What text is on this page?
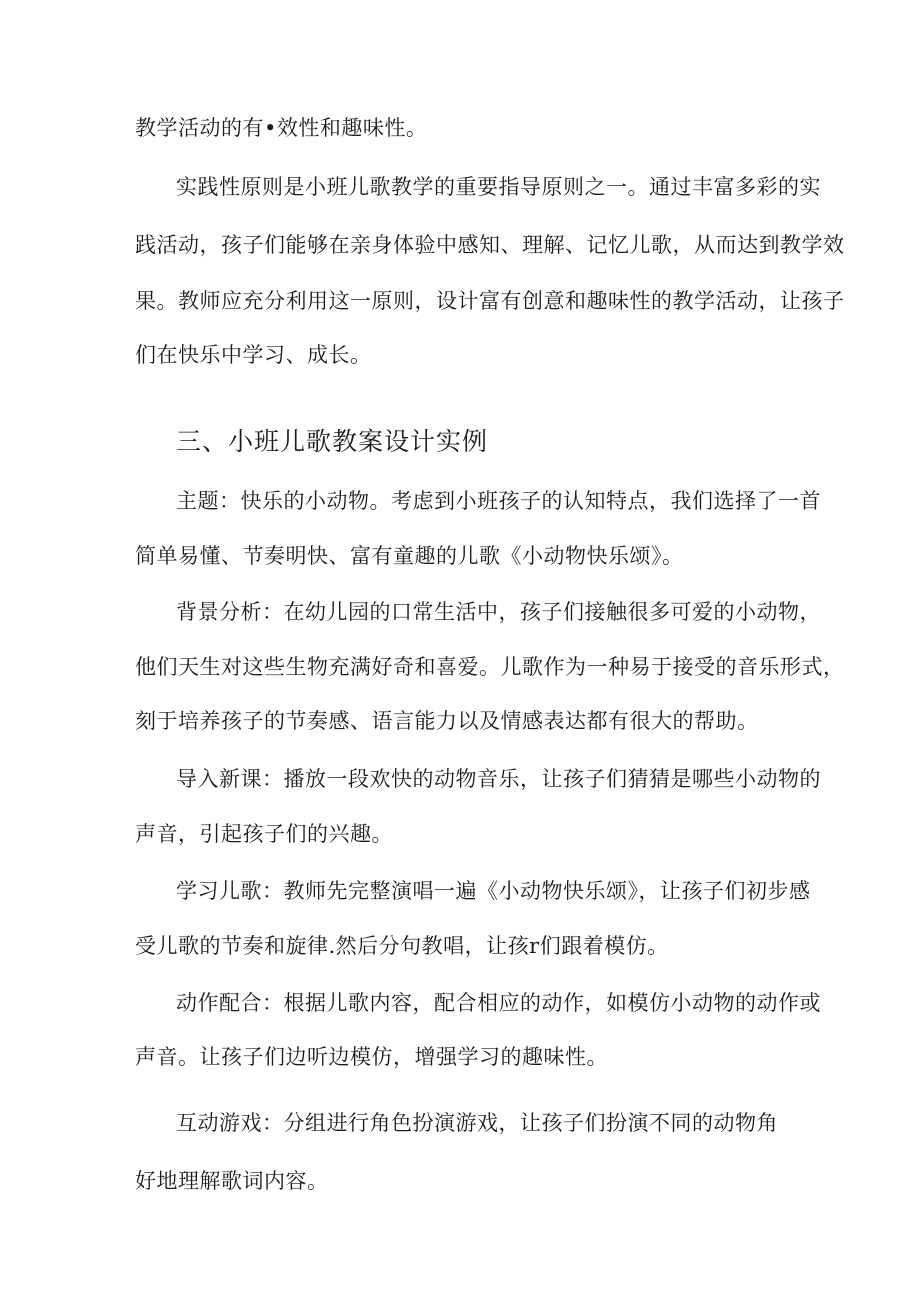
教学活动的有•效性和趣味性。
实践性原则是小班儿歌教学的重要指导原则之一。通过丰富多彩的实
践活动，孩子们能够在亲身体验中感知、理解、记忆儿歌，从而达到教学效
果。教师应充分利用这一原则，设计富有创意和趣味性的教学活动，让孩子
们在快乐中学习、成长。
三、小班儿歌教案设计实例
主题：快乐的小动物。考虑到小班孩子的认知特点，我们选择了一首
简单易懂、节奏明快、富有童趣的儿歌《小动物快乐颂》。
背景分析：在幼儿园的口常生活中，孩子们接触很多可爱的小动物，
他们天生对这些生物充满好奇和喜爱。儿歌作为一种易于接受的音乐形式，
刻于培养孩子的节奏感、语言能力以及情感表达都有很大的帮助。
导入新课：播放一段欢快的动物音乐，让孩子们猜猜是哪些小动物的
声音，引起孩子们的兴趣。
学习儿歌：教师先完整演唱一遍《小动物快乐颂》，让孩子们初步感
受儿歌的节奏和旋律.然后分句教唱，让孩r们跟着模仿。
动作配合：根据儿歌内容，配合相应的动作，如模仿小动物的动作或
声音。让孩子们边听边模仿，增强学习的趣味性。
互动游戏：分组进行角色扮演游戏，让孩子们扮演不同的动物角
好地理解歌词内容。
